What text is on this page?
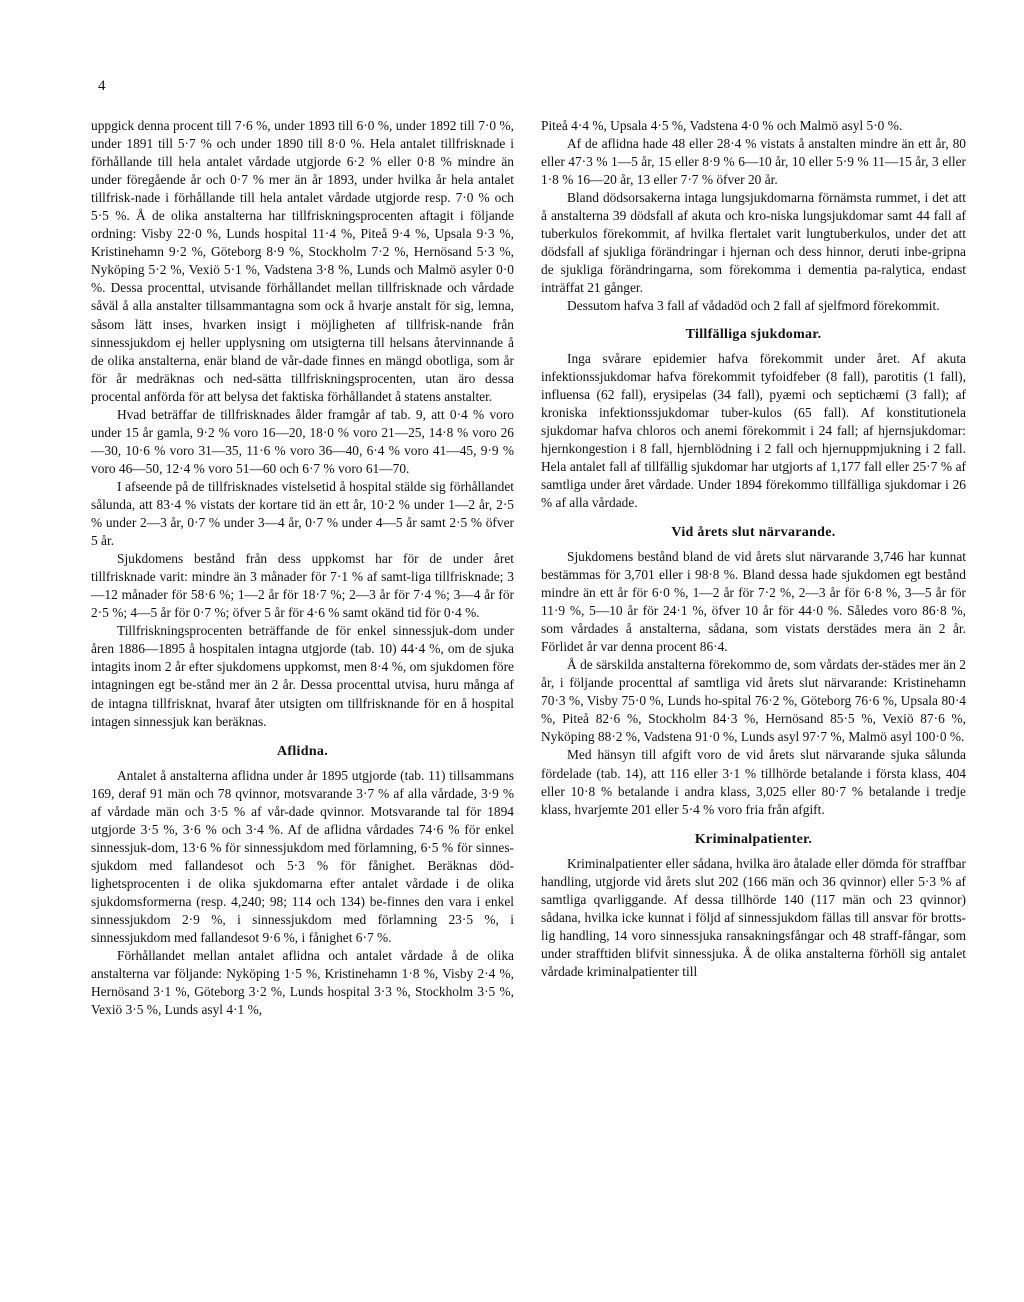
4

uppgick denna procent till 7·6 %, under 1893 till 6·0 %, under 1892 till 7·0 %, under 1891 till 5·7 % och under 1890 till 8·0 %. Hela antalet tillfrisknade i förhållande till hela antalet vårdade utgjorde 6·2 % eller 0·8 % mindre än under föregående år och 0·7 % mer än år 1893, under hvilka år hela antalet tillfrisk-nade i förhållande till hela antalet vårdade utgjorde resp. 7·0 % och 5·5 %. Å de olika anstalterna har tillfriskningsprocenten aftagit i följande ordning: Visby 22·0 %, Lunds hospital 11·4 %, Piteå 9·4 %, Upsala 9·3 %, Kristinehamn 9·2 %, Göteborg 8·9 %, Stockholm 7·2 %, Hernösand 5·3 %, Nyköping 5·2 %, Vexiö 5·1 %, Vadstena 3·8 %, Lunds och Malmö asyler 0·0 %. Dessa procenttal, utvisande förhållandet mellan tillfrisknade och vårdade såväl å alla anstalter tillsammantagna som ock å hvarje anstalt för sig, lemna, såsom lätt inses, hvarken insigt i möjligheten af tillfrisk-nande från sinnessjukdom ej heller upplysning om utsigterna till helsans återvinnande å de olika anstalterna, enär bland de vår-dade finnes en mängd obotliga, som år för år medräknas och ned-sätta tillfriskningsprocenten, utan äro dessa procental anförda för att belysa det faktiska förhållandet å statens anstalter.

Hvad beträffar de tillfrisknades ålder framgår af tab. 9, att 0·4 % voro under 15 år gamla, 9·2 % voro 16—20, 18·0 % voro 21—25, 14·8 % voro 26—30, 10·6 % voro 31—35, 11·6 % voro 36—40, 6·4 % voro 41—45, 9·9 % voro 46—50, 12·4 % voro 51—60 och 6·7 % voro 61—70.

I afseende på de tillfrisknades vistelsetid å hospital stälde sig förhållandet sålunda, att 83·4 % vistats der kortare tid än ett år, 10·2 % under 1—2 år, 2·5 % under 2—3 år, 0·7 % under 3—4 år, 0·7 % under 4—5 år samt 2·5 % öfver 5 år.

Sjukdomens bestånd från dess uppkomst har för de under året tillfrisknade varit: mindre än 3 månader för 7·1 % af samt-liga tillfrisknade; 3—12 månader för 58·6 %; 1—2 år för 18·7 %; 2—3 år för 7·4 %; 3—4 år för 2·5 %; 4—5 år för 0·7 %; öfver 5 år för 4·6 % samt okänd tid för 0·4 %.

Tillfriskningsprocenten beträffande de för enkel sinnessjuk-dom under åren 1886—1895 å hospitalen intagna utgjorde (tab. 10) 44·4 %, om de sjuka intagits inom 2 år efter sjukdomens uppkomst, men 8·4 %, om sjukdomen före intagningen egt be-stånd mer än 2 år. Dessa procenttal utvisa, huru många af de intagna tillfrisknat, hvaraf åter utsigten om tillfrisknande för en å hospital intagen sinnessjuk kan beräknas.

Aflidna.

Antalet å anstalterna aflidna under år 1895 utgjorde (tab. 11) tillsammans 169, deraf 91 män och 78 qvinnor, motsvarande 3·7 % af alla vårdade, 3·9 % af vårdade män och 3·5 % af vår-dade qvinnor. Motsvarande tal för 1894 utgjorde 3·5 %, 3·6 % och 3·4 %. Af de aflidna vårdades 74·6 % för enkel sinnessjuk-dom, 13·6 % för sinnessjukdom med förlamning, 6·5 % för sinnes-sjukdom med fallandesot och 5·3 % för fånighet. Beräknas död-lighetsprocenten i de olika sjukdomarna efter antalet vårdade i de olika sjukdomsformerna (resp. 4,240; 98; 114 och 134) be-finnes den vara i enkel sinnessjukdom 2·9 %, i sinnessjukdom med förlamning 23·5 %, i sinnessjukdom med fallandesot 9·6 %, i fånighet 6·7 %.

Förhållandet mellan antalet aflidna och antalet vårdade å de olika anstalterna var följande: Nyköping 1·5 %, Kristinehamn 1·8 %, Visby 2·4 %, Hernösand 3·1 %, Göteborg 3·2 %, Lunds hospital 3·3 %, Stockholm 3·5 %, Vexiö 3·5 %, Lunds asyl 4·1 %,

Piteå 4·4 %, Upsala 4·5 %, Vadstena 4·0 % och Malmö asyl 5·0 %.

Af de aflidna hade 48 eller 28·4 % vistats å anstalten mindre än ett år, 80 eller 47·3 % 1—5 år, 15 eller 8·9 % 6—10 år, 10 eller 5·9 % 11—15 år, 3 eller 1·8 % 16—20 år, 13 eller 7·7 % öfver 20 år.

Bland dödsorsakerna intaga lungsjukdomarna förnämsta rummet, i det att å anstalterna 39 dödsfall af akuta och kro-niska lungsjukdomar samt 44 fall af tuberkulos förekommit, af hvilka flertalet varit lungtuberkulos, under det att dödsfall af sjukliga förändringar i hjernan och dess hinnor, deruti inbe-gripna de sjukliga förändringarna, som förekomma i dementia pa-ralytica, endast inträffat 21 gånger.

Dessutom hafva 3 fall af vådadöd och 2 fall af sjelfmord förekommit.

Tillfälliga sjukdomar.

Inga svårare epidemier hafva förekommit under året. Af akuta infektionssjukdomar hafva förekommit tyfoidfeber (8 fall), parotitis (1 fall), influensa (62 fall), erysipelas (34 fall), pyæmi och septichæmi (3 fall); af kroniska infektionssjukdomar tuber-kulos (65 fall). Af konstitutionela sjukdomar hafva chloros och anemi förekommit i 24 fall; af hjernsjukdomar: hjernkongestion i 8 fall, hjernblödning i 2 fall och hjernuppmjukning i 2 fall. Hela antalet fall af tillfällig sjukdomar har utgjorts af 1,177 fall eller 25·7 % af samtliga under året vårdade. Under 1894 förekommo tillfälliga sjukdomar i 26 % af alla vårdade.

Vid årets slut närvarande.

Sjukdomens bestånd bland de vid årets slut närvarande 3,746 har kunnat bestämmas för 3,701 eller i 98·8 %. Bland dessa hade sjukdomen egt bestånd mindre än ett år för 6·0 %, 1—2 år för 7·2 %, 2—3 år för 6·8 %, 3—5 år för 11·9 %, 5—10 år för 24·1 %, öfver 10 år för 44·0 %. Således voro 86·8 %, som vårdades å anstalterna, sådana, som vistats derstädes mera än 2 år. Förlidet år var denna procent 86·4.

Å de särskilda anstalterna förekommo de, som vårdats der-städes mer än 2 år, i följande procenttal af samtliga vid årets slut närvarande: Kristinehamn 70·3 %, Visby 75·0 %, Lunds ho-spital 76·2 %, Göteborg 76·6 %, Upsala 80·4 %, Piteå 82·6 %, Stockholm 84·3 %, Hernösand 85·5 %, Vexiö 87·6 %, Nyköping 88·2 %, Vadstena 91·0 %, Lunds asyl 97·7 %, Malmö asyl 100·0 %.

Med hänsyn till afgift voro de vid årets slut närvarande sjuka sålunda fördelade (tab. 14), att 116 eller 3·1 % tillhörde betalande i första klass, 404 eller 10·8 % betalande i andra klass, 3,025 eller 80·7 % betalande i tredje klass, hvarjemte 201 eller 5·4 % voro fria från afgift.

Kriminalpatienter.

Kriminalpatienter eller sådana, hvilka äro åtalade eller dömda för straffbar handling, utgjorde vid årets slut 202 (166 män och 36 qvinnor) eller 5·3 % af samtliga qvarliggande. Af dessa tillhörde 140 (117 män och 23 qvinnor) sådana, hvilka icke kunnat i följd af sinnessjukdom fällas till ansvar för brotts-lig handling, 14 voro sinnessjuka ransakningsfångar och 48 straff-fångar, som under strafftiden blifvit sinnessjuka. Å de olika anstalterna förhöll sig antalet vårdade kriminalpatienter till
